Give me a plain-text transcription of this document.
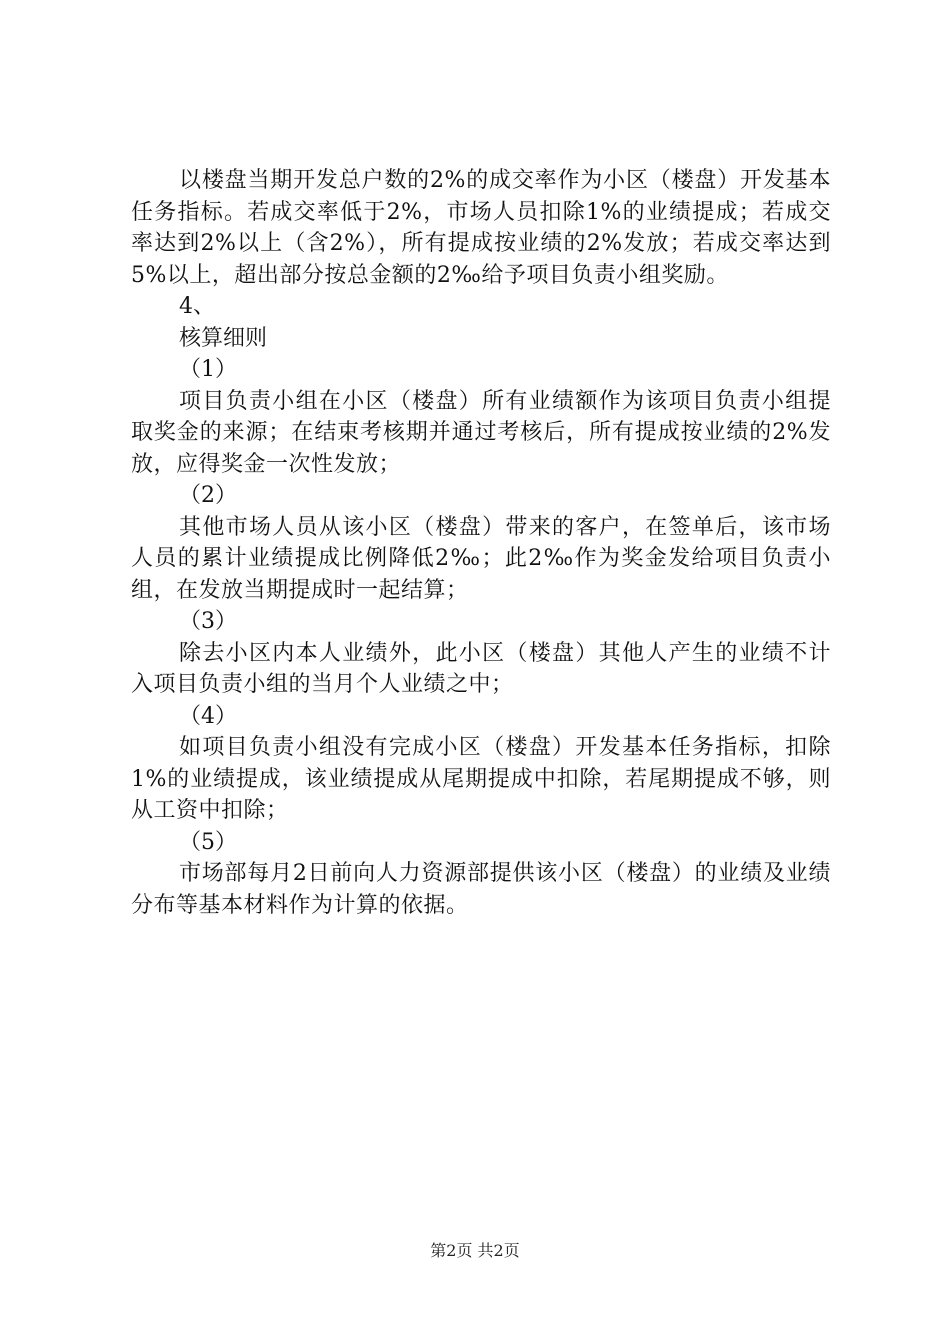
以楼盘当期开发总户数的2%的成交率作为小区（楼盘）开发基本任务指标。若成交率低于2%，市场人员扣除1%的业绩提成；若成交率达到2%以上（含2%），所有提成按业绩的2%发放；若成交率达到5%以上，超出部分按总金额的2‰给予项目负责小组奖励。

4、

核算细则

（1）

项目负责小组在小区（楼盘）所有业绩额作为该项目负责小组提取奖金的来源；在结束考核期并通过考核后，所有提成按业绩的2%发放，应得奖金一次性发放；

（2）

其他市场人员从该小区（楼盘）带来的客户，在签单后，该市场人员的累计业绩提成比例降低2‰；此2‰作为奖金发给项目负责小组，在发放当期提成时一起结算；

（3）

除去小区内本人业绩外，此小区（楼盘）其他人产生的业绩不计入项目负责小组的当月个人业绩之中；

（4）

如项目负责小组没有完成小区（楼盘）开发基本任务指标，扣除1%的业绩提成，该业绩提成从尾期提成中扣除，若尾期提成不够，则从工资中扣除；

（5）

市场部每月2日前向人力资源部提供该小区（楼盘）的业绩及业绩分布等基本材料作为计算的依据。

第2页 共2页
